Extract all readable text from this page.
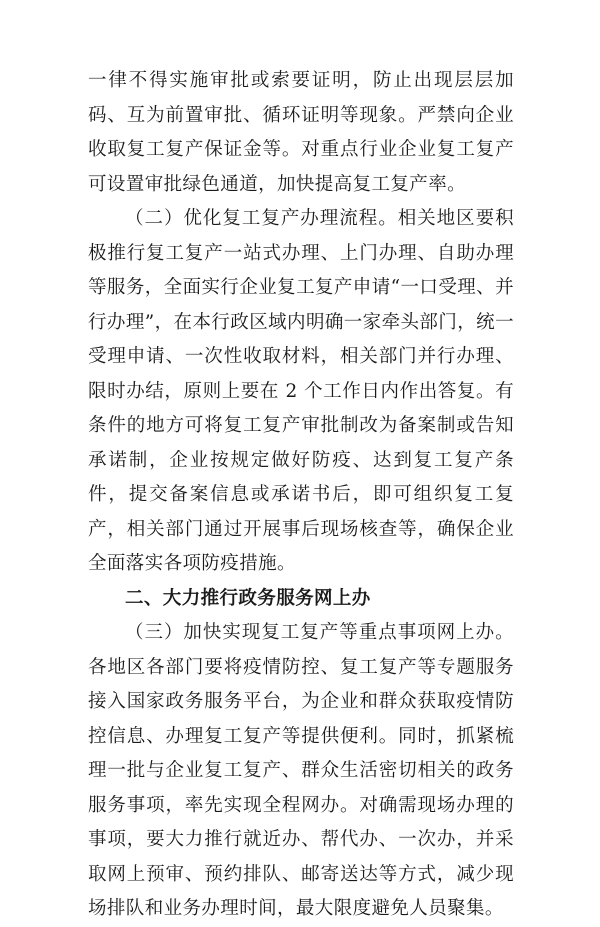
一律不得实施审批或索要证明，防止出现层层加码、互为前置审批、循环证明等现象。严禁向企业收取复工复产保证金等。对重点行业企业复工复产可设置审批绿色通道，加快提高复工复产率。

（二）优化复工复产办理流程。相关地区要积极推行复工复产一站式办理、上门办理、自助办理等服务，全面实行企业复工复产申请“一口受理、并行办理”，在本行政区域内明确一家牵头部门，统一受理申请、一次性收取材料，相关部门并行办理、限时办结，原则上要在 2 个工作日内作出答复。有条件的地方可将复工复产审批制改为备案制或告知承诺制，企业按规定做好防疫、达到复工复产条件，提交备案信息或承诺书后，即可组织复工复产，相关部门通过开展事后现场核查等，确保企业全面落实各项防疫措施。

二、大力推行政务服务网上办

（三）加快实现复工复产等重点事项网上办。各地区各部门要将疫情防控、复工复产等专题服务接入国家政务服务平台，为企业和群众获取疫情防控信息、办理复工复产等提供便利。同时，抓紧梳理一批与企业复工复产、群众生活密切相关的政务服务事项，率先实现全程网办。对确需现场办理的事项，要大力推行就近办、帮代办、一次办，并采取网上预审、预约排队、邮寄送达等方式，减少现场排队和业务办理时间，最大限度避免人员聚集。
